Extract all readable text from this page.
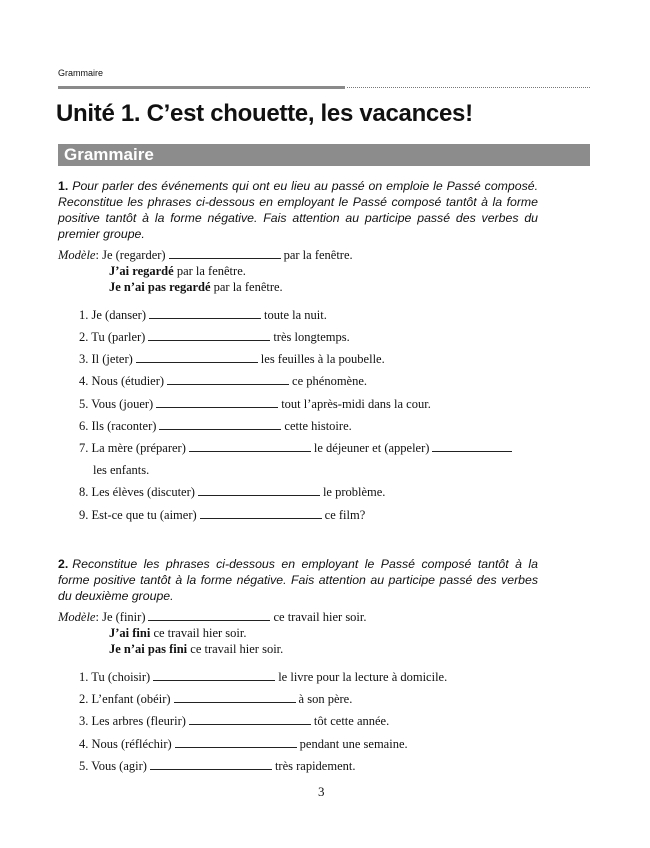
Grammaire
Unité 1. C’est chouette, les vacances!
Grammaire
1. Pour parler des événements qui ont eu lieu au passé on emploie le Passé composé. Reconstitue les phrases ci-dessous en employant le Passé composé tantôt à la forme positive tantôt à la forme négative. Fais attention au participe passé des verbes du premier groupe.
Modèle: Je (regarder)	par la fenêtre.
J’ai regardé par la fenêtre.
Je n’ai pas regardé par la fenêtre.
1. Je (danser)	toute la nuit.
2. Tu (parler)	très longtemps.
3. Il (jeter)	les feuilles à la poubelle.
4. Nous (étudier)	ce phénomène.
5. Vous (jouer)	tout l’après-midi dans la cour.
6. Ils (raconter)	cette histoire.
7. La mère (préparer)	le déjeuner et (appeler)
les enfants.
8. Les élèves (discuter)	le problème.
9. Est-ce que tu (aimer)	ce film?
2. Reconstitue les phrases ci-dessous en employant le Passé composé tantôt à la forme positive tantôt à la forme négative. Fais attention au participe passé des verbes du deuxième groupe.
Modèle: Je (finir)	ce travail hier soir.
J’ai fini ce travail hier soir.
Je n’ai pas fini ce travail hier soir.
1. Tu (choisir)	le livre pour la lecture à domicile.
2. L’enfant (obéir)	à son père.
3. Les arbres (fleurir)	tôt cette année.
4. Nous (réfléchir)	pendant une semaine.
5. Vous (agir)	très rapidement.
3
